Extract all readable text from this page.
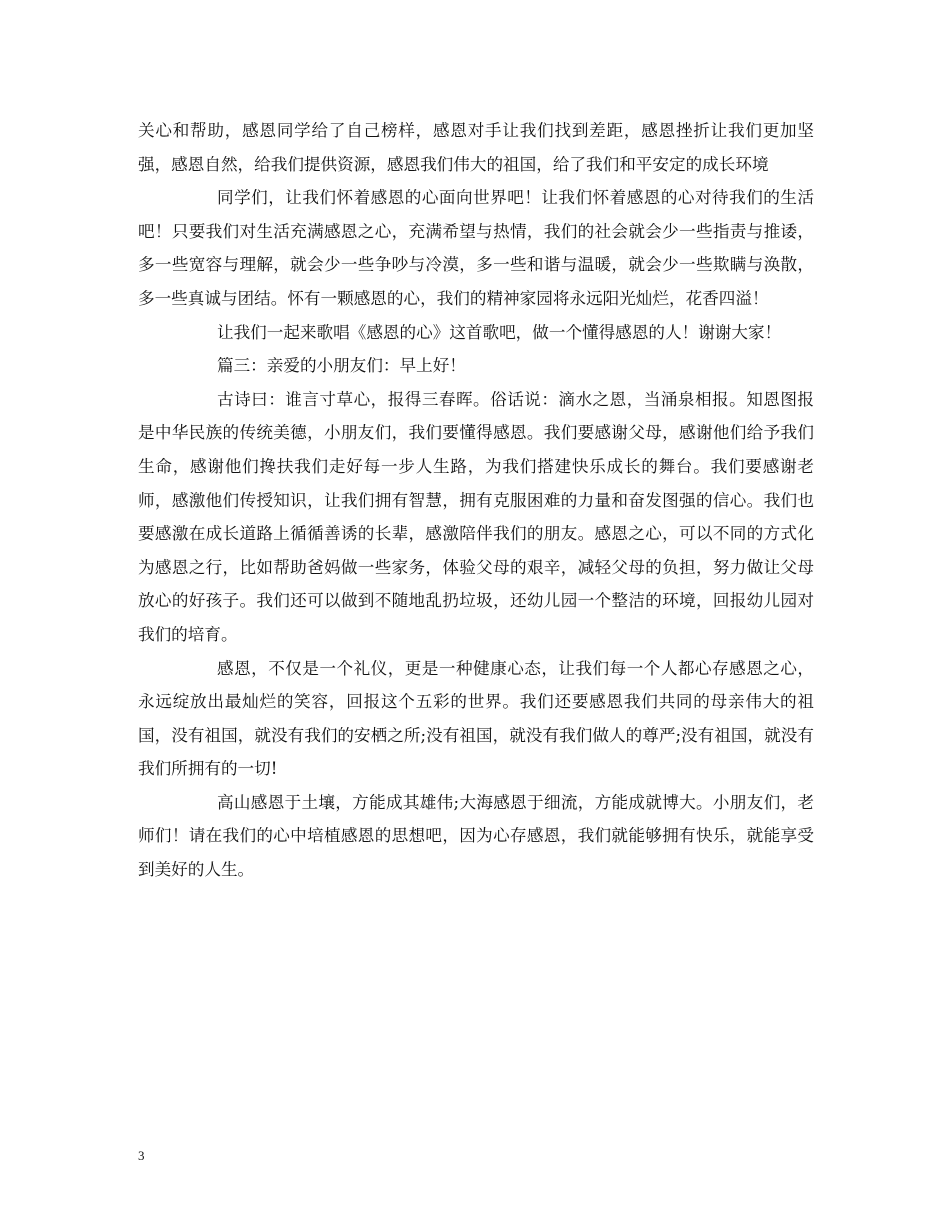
关心和帮助，感恩同学给了自己榜样，感恩对手让我们找到差距，感恩挫折让我们更加坚强，感恩自然，给我们提供资源，感恩我们伟大的祖国，给了我们和平安定的成长环境

同学们，让我们怀着感恩的心面向世界吧！让我们怀着感恩的心对待我们的生活吧！只要我们对生活充满感恩之心，充满希望与热情，我们的社会就会少一些指责与推诿，多一些宽容与理解，就会少一些争吵与冷漠，多一些和谐与温暖，就会少一些欺瞒与涣散，多一些真诚与团结。怀有一颗感恩的心，我们的精神家园将永远阳光灿烂，花香四溢！

让我们一起来歌唱《感恩的心》这首歌吧，做一个懂得感恩的人！谢谢大家！

篇三：亲爱的小朋友们：早上好！

古诗曰：谁言寸草心，报得三春晖。俗话说：滴水之恩，当涌泉相报。知恩图报是中华民族的传统美德，小朋友们，我们要懂得感恩。我们要感谢父母，感谢他们给予我们生命，感谢他们搀扶我们走好每一步人生路，为我们搭建快乐成长的舞台。我们要感谢老师，感激他们传授知识，让我们拥有智慧，拥有克服困难的力量和奋发图强的信心。我们也要感激在成长道路上循循善诱的长辈，感激陪伴我们的朋友。感恩之心，可以不同的方式化为感恩之行，比如帮助爸妈做一些家务，体验父母的艰辛，减轻父母的负担，努力做让父母放心的好孩子。我们还可以做到不随地乱扔垃圾，还幼儿园一个整洁的环境，回报幼儿园对我们的培育。

感恩，不仅是一个礼仪，更是一种健康心态，让我们每一个人都心存感恩之心，永远绽放出最灿烂的笑容，回报这个五彩的世界。我们还要感恩我们共同的母亲伟大的祖国，没有祖国，就没有我们的安栖之所;没有祖国，就没有我们做人的尊严;没有祖国，就没有我们所拥有的一切!

高山感恩于土壤，方能成其雄伟;大海感恩于细流，方能成就博大。小朋友们，老师们！请在我们的心中培植感恩的思想吧，因为心存感恩，我们就能够拥有快乐，就能享受到美好的人生。

3
